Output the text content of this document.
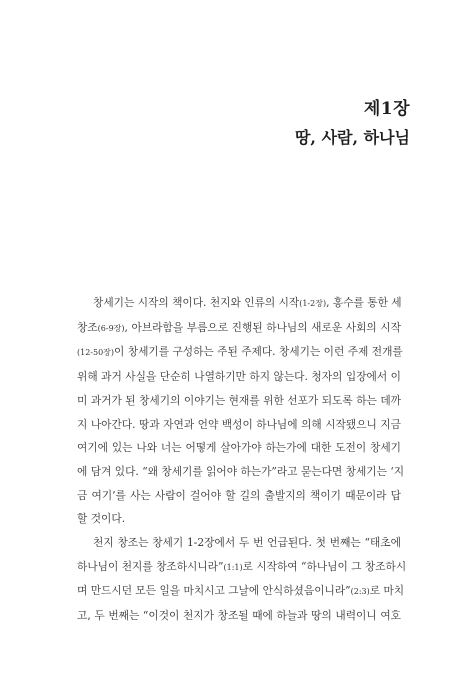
제1장
땅, 사람, 하나님
창세기는 시작의 책이다. 천지와 인류의 시작(1-2장), 홍수를 통한 세
창조(6-9장), 아브라함을 부름으로 진행된 하나님의 새로운 사회의 시작
(12-50장)이 창세기를 구성하는 주된 주제다. 창세기는 이런 주제 전개를
위해 과거 사실을 단순히 나열하기만 하지 않는다. 청자의 입장에서 이
미 과거가 된 창세기의 이야기는 현재를 위한 선포가 되도록 하는 데까
지 나아간다. 땅과 자연과 언약 백성이 하나님에 의해 시작됐으니 지금
여기에 있는 나와 너는 어떻게 살아가야 하는가에 대한 도전이 창세기
에 담겨 있다. “왜 창세기를 읽어야 하는가”라고 묻는다면 창세기는 ‘지
금 여기’를 사는 사람이 걸어야 할 길의 출발지의 책이기 때문이라 답
할 것이다.
천지 창조는 창세기 1-2장에서 두 번 언급된다. 첫 번째는 “태초에
하나님이 천지를 창조하시니라”(1:1)로 시작하여 “하나님이 그 창조하시
며 만드시던 모든 일을 마치시고 그날에 안식하셨음이니라”(2:3)로 마치
고, 두 번째는 “이것이 천지가 창조될 때에 하늘과 땅의 내력이니 여호
